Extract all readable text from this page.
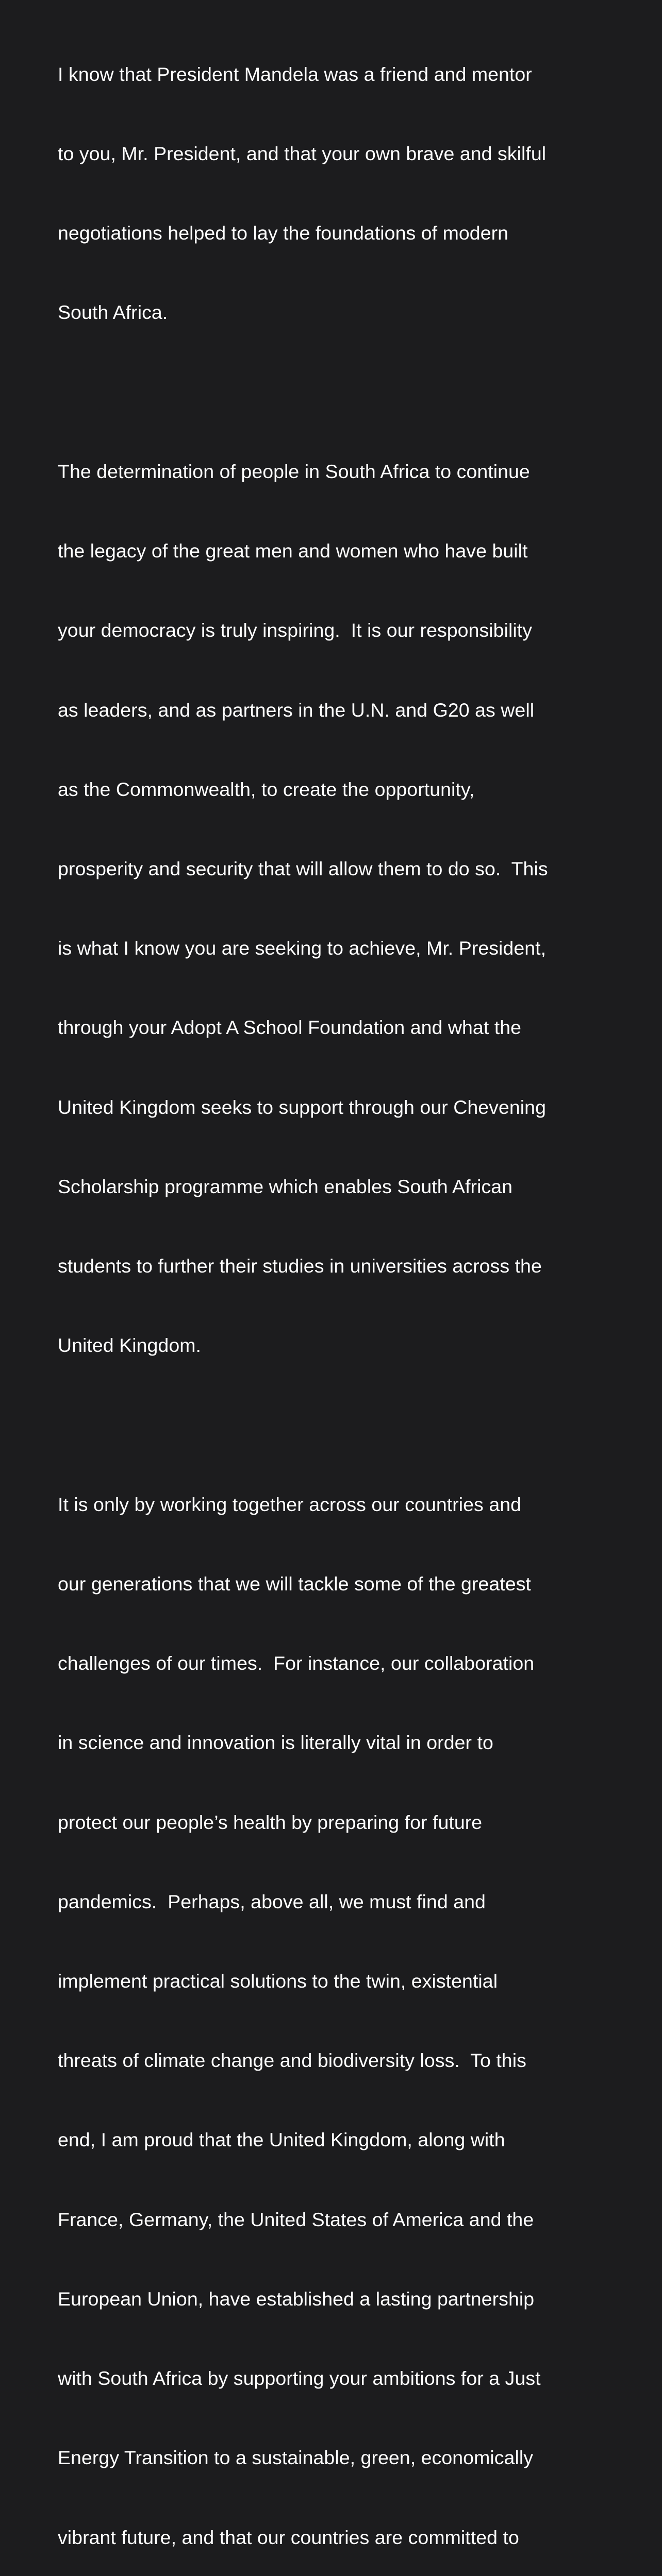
I know that President Mandela was a friend and mentor

to you, Mr. President, and that your own brave and skilful

negotiations helped to lay the foundations of modern

South Africa.

The determination of people in South Africa to continue

the legacy of the great men and women who have built

your democracy is truly inspiring.  It is our responsibility

as leaders, and as partners in the U.N. and G20 as well

as the Commonwealth, to create the opportunity,

prosperity and security that will allow them to do so.  This

is what I know you are seeking to achieve, Mr. President,

through your Adopt A School Foundation and what the

United Kingdom seeks to support through our Chevening

Scholarship programme which enables South African

students to further their studies in universities across the

United Kingdom.

It is only by working together across our countries and

our generations that we will tackle some of the greatest

challenges of our times.  For instance, our collaboration

in science and innovation is literally vital in order to

protect our people’s health by preparing for future

pandemics.  Perhaps, above all, we must find and

implement practical solutions to the twin, existential

threats of climate change and biodiversity loss.  To this

end, I am proud that the United Kingdom, along with

France, Germany, the United States of America and the

European Union, have established a lasting partnership

with South Africa by supporting your ambitions for a Just

Energy Transition to a sustainable, green, economically

vibrant future, and that our countries are committed to
